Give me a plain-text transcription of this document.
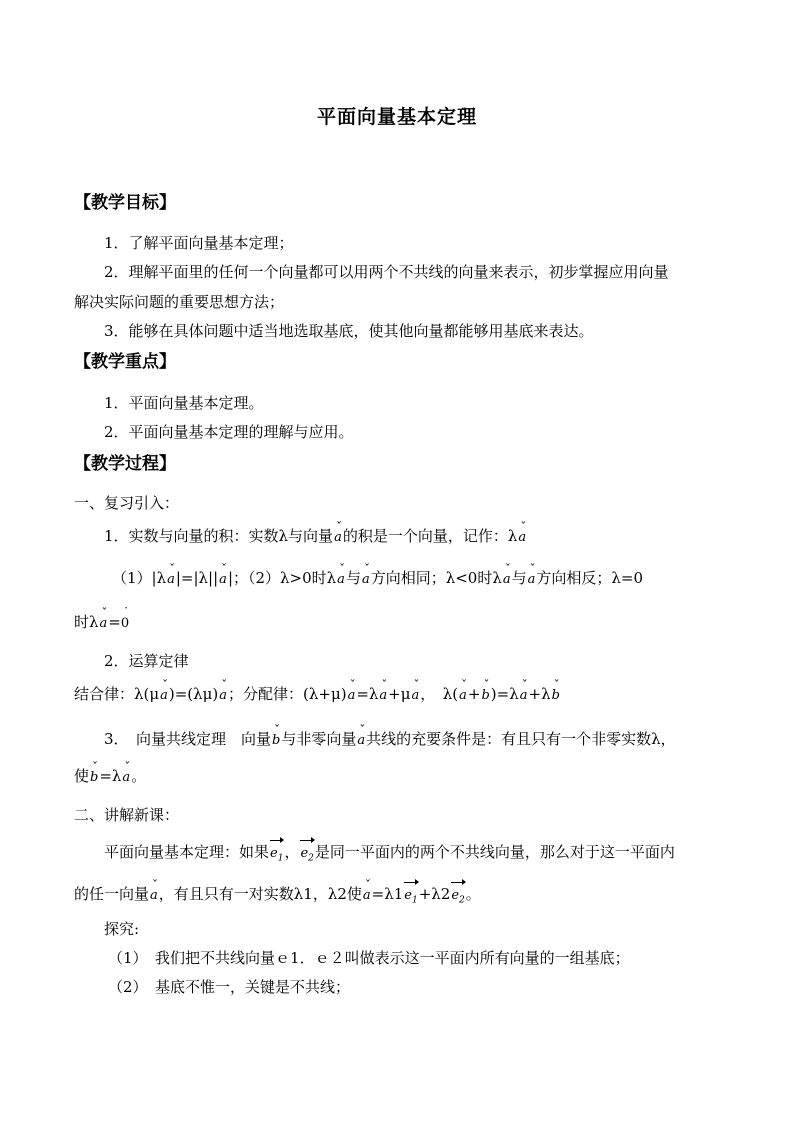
平面向量基本定理
【教学目标】
1．了解平面向量基本定理；
2．理解平面里的任何一个向量都可以用两个不共线的向量来表示，初步掌握应用向量
解决实际问题的重要思想方法；
3．能够在具体问题中适当地选取基底，使其他向量都能够用基底来表达。
【教学重点】
1．平面向量基本定理。
2．平面向量基本定理的理解与应用。
【教学过程】
一、复习引入：
1．实数与向量的积：实数λ与向量ˇ a的积是一个向量，记作：λˇ a
（1）|λˇ a|=|λ||ˇ a|；（2）λ>0时λˇ a与ˇ a方向相同；λ<0时λˇ a与ˇ a方向相反；λ=0
时λˇ a=˙ 0
2．运算定律
结合律：λ(μˇ a)=(λμ)ˇ a；分配律：(λ+μ)ˇ a=λˇ a+μˇ a，　λ(ˇ a+ˇ b)=λˇ a+λˇ b
3．　向量共线定理　向量ˇ b与非零向量ˇ a共线的充要条件是：有且只有一个非零实数λ，
使ˇ b=λˇ a。
二、讲解新课：
平面向量基本定理：如果$e_1$，$e_2$是同一平面内的两个不共线向量，那么对于这一平面内
的任一向量ˇ a，有且只有一对实数λ1，λ2使ˇ $a=\lambda 1e_1+\lambda 2e_2$。
探究:
（1）　我们把不共线向量ｅ1．ｅ２叫做表示这一平面内所有向量的一组基底；
（2）　基底不惟一，关键是不共线；
